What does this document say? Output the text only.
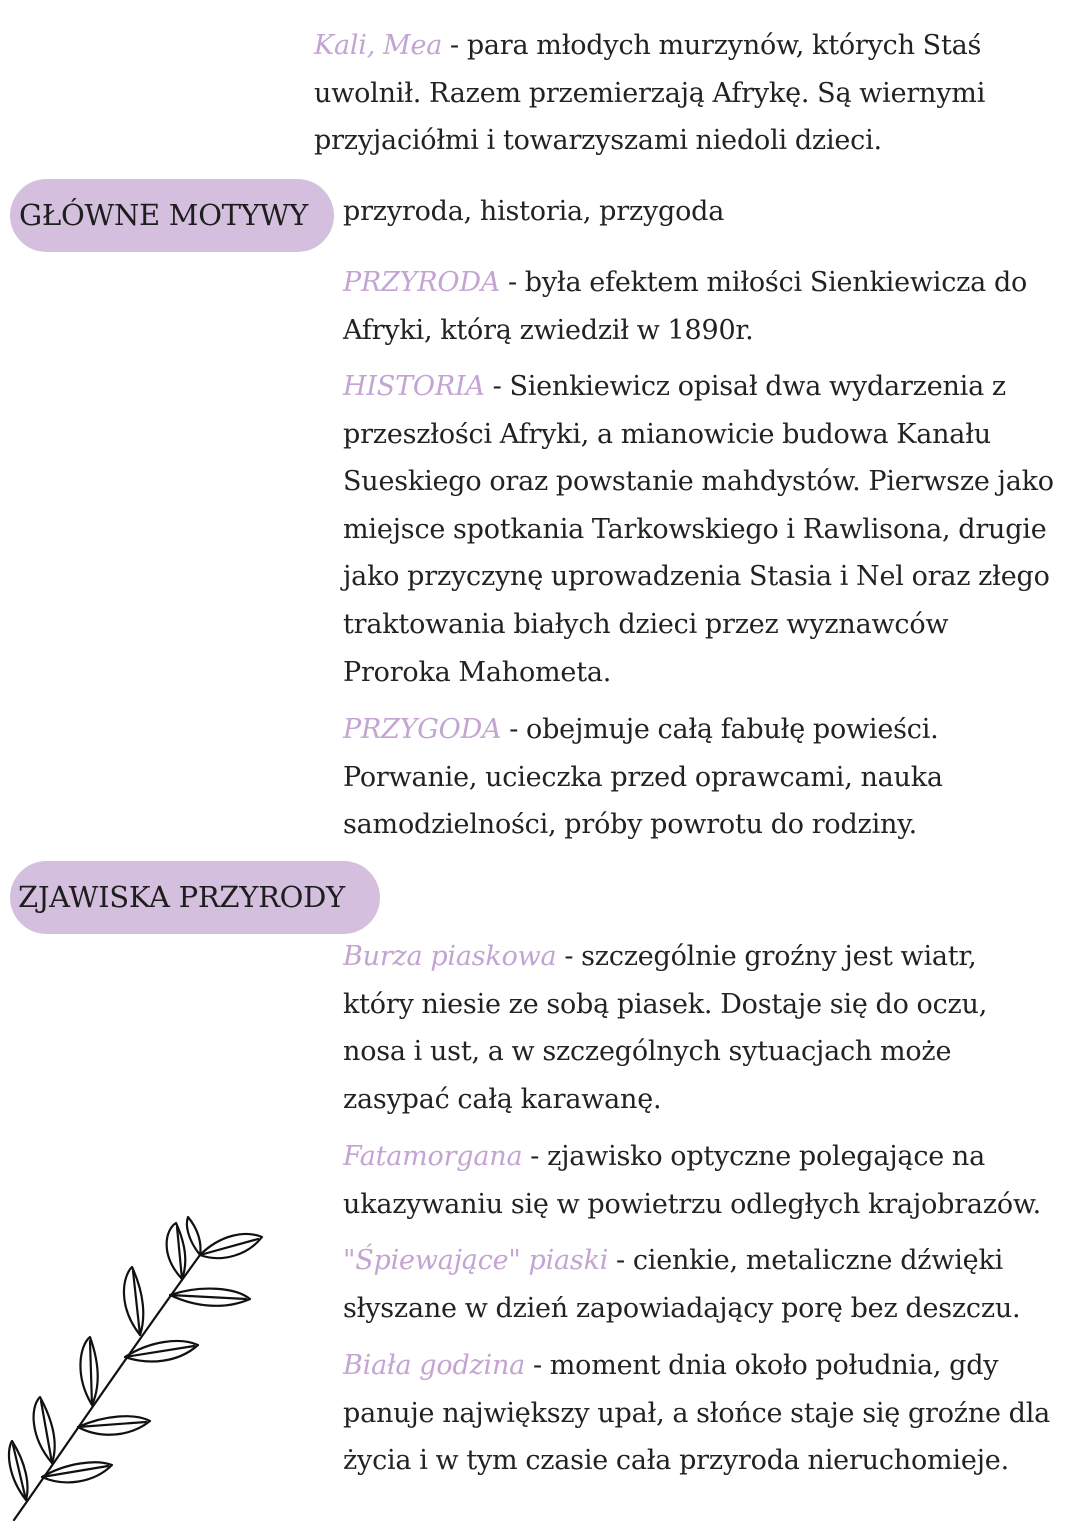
Kali, Mea - para młodych murzynów, których Staś uwolnił. Razem przemierzają Afrykę. Są wiernymi przyjaciółmi i towarzyszami niedoli dzieci.

GŁÓWNE MOTYWY	przyroda, historia, przygoda

PRZYRODA - była efektem miłości Sienkiewicza do Afryki, którą zwiedził w 1890r.

HISTORIA - Sienkiewicz opisał dwa wydarzenia z przeszłości Afryki, a mianowicie budowa Kanału Sueskiego oraz powstanie mahdystów. Pierwsze jako miejsce spotkania Tarkowskiego i Rawlisona, drugie jako przyczynę uprowadzenia Stasia i Nel oraz złego traktowania białych dzieci przez wyznawców Proroka Mahometa.

PRZYGODA - obejmuje całą fabułę powieści. Porwanie, ucieczka przed oprawcami, nauka samodzielności, próby powrotu do rodziny.

ZJAWISKA PRZYRODY

Burza piaskowa - szczególnie groźny jest wiatr, który niesie ze sobą piasek. Dostaje się do oczu, nosa i ust, a w szczególnych sytuacjach może zasypać całą karawanę.

Fatamorgana - zjawisko optyczne polegające na ukazywaniu się w powietrzu odległych krajobrazów.

"Śpiewające" piaski - cienkie, metaliczne dźwięki słyszane w dzień zapowiadający porę bez deszczu.

Biała godzina - moment dnia około południa, gdy panuje największy upał, a słońce staje się groźne dla życia i w tym czasie cała przyroda nieruchomieje.
